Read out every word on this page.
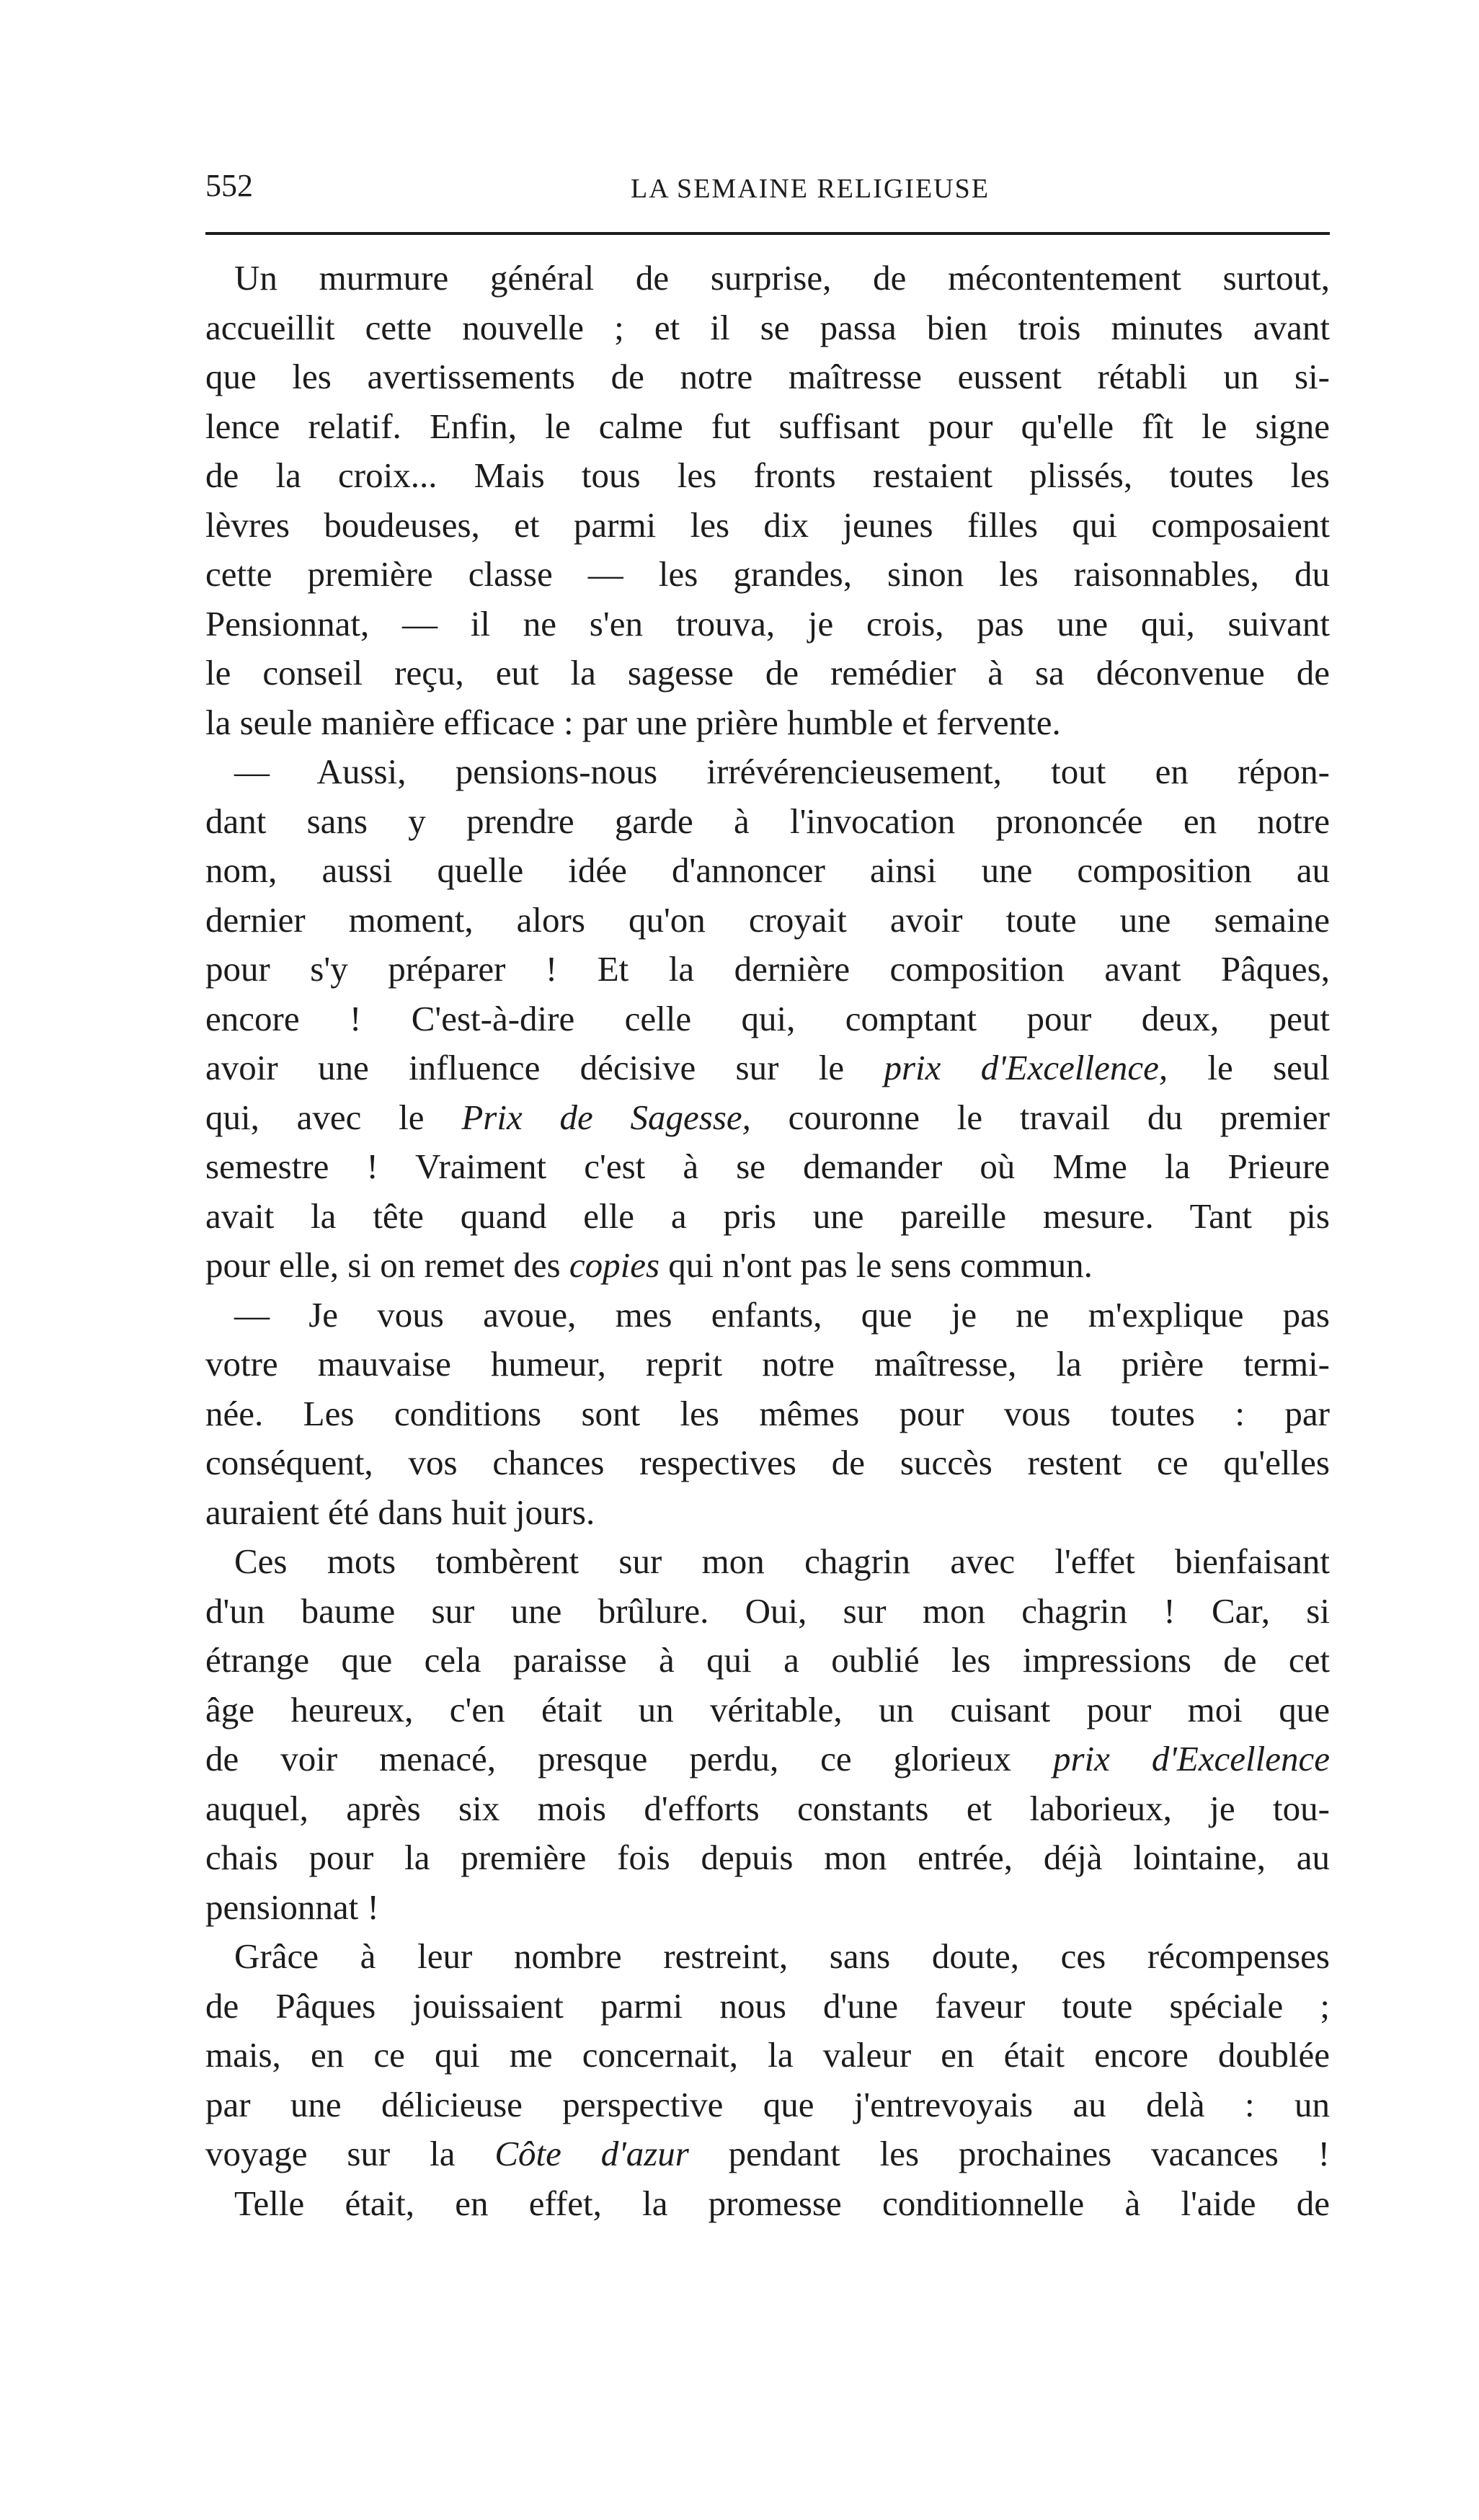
552	LA SEMAINE RELIGIEUSE
Un murmure général de surprise, de mécontentement surtout,
accueillit cette nouvelle ; et il se passa bien trois minutes avant
que les avertissements de notre maîtresse eussent rétabli un si-
lence relatif. Enfin, le calme fut suffisant pour qu'elle fît le signe
de la croix... Mais tous les fronts restaient plissés, toutes les
lèvres boudeuses, et parmi les dix jeunes filles qui composaient
cette première classe — les grandes, sinon les raisonnables, du
Pensionnat, — il ne s'en trouva, je crois, pas une qui, suivant
le conseil reçu, eut la sagesse de remédier à sa déconvenue de
la seule manière efficace : par une prière humble et fervente.
— Aussi, pensions-nous irrévérencieusement, tout en répon-
dant sans y prendre garde à l'invocation prononcée en notre
nom, aussi quelle idée d'annoncer ainsi une composition au
dernier moment, alors qu'on croyait avoir toute une semaine
pour s'y préparer ! Et la dernière composition avant Pâques,
encore ! C'est-à-dire celle qui, comptant pour deux, peut
avoir une influence décisive sur le prix d'Excellence, le seul
qui, avec le Prix de Sagesse, couronne le travail du premier
semestre ! Vraiment c'est à se demander où Mme la Prieure
avait la tête quand elle a pris une pareille mesure. Tant pis
pour elle, si on remet des copies qui n'ont pas le sens commun.
— Je vous avoue, mes enfants, que je ne m'explique pas
votre mauvaise humeur, reprit notre maîtresse, la prière termi-
née. Les conditions sont les mêmes pour vous toutes : par
conséquent, vos chances respectives de succès restent ce qu'elles
auraient été dans huit jours.
Ces mots tombèrent sur mon chagrin avec l'effet bienfaisant
d'un baume sur une brûlure. Oui, sur mon chagrin ! Car, si
étrange que cela paraisse à qui a oublié les impressions de cet
âge heureux, c'en était un véritable, un cuisant pour moi que
de voir menacé, presque perdu, ce glorieux prix d'Excellence
auquel, après six mois d'efforts constants et laborieux, je tou-
chais pour la première fois depuis mon entrée, déjà lointaine, au
pensionnat !
Grâce à leur nombre restreint, sans doute, ces récompenses
de Pâques jouissaient parmi nous d'une faveur toute spéciale ;
mais, en ce qui me concernait, la valeur en était encore doublée
par une délicieuse perspective que j'entrevoyais au delà : un
voyage sur la Côte d'azur pendant les prochaines vacances !
Telle était, en effet, la promesse conditionnelle à l'aide de
